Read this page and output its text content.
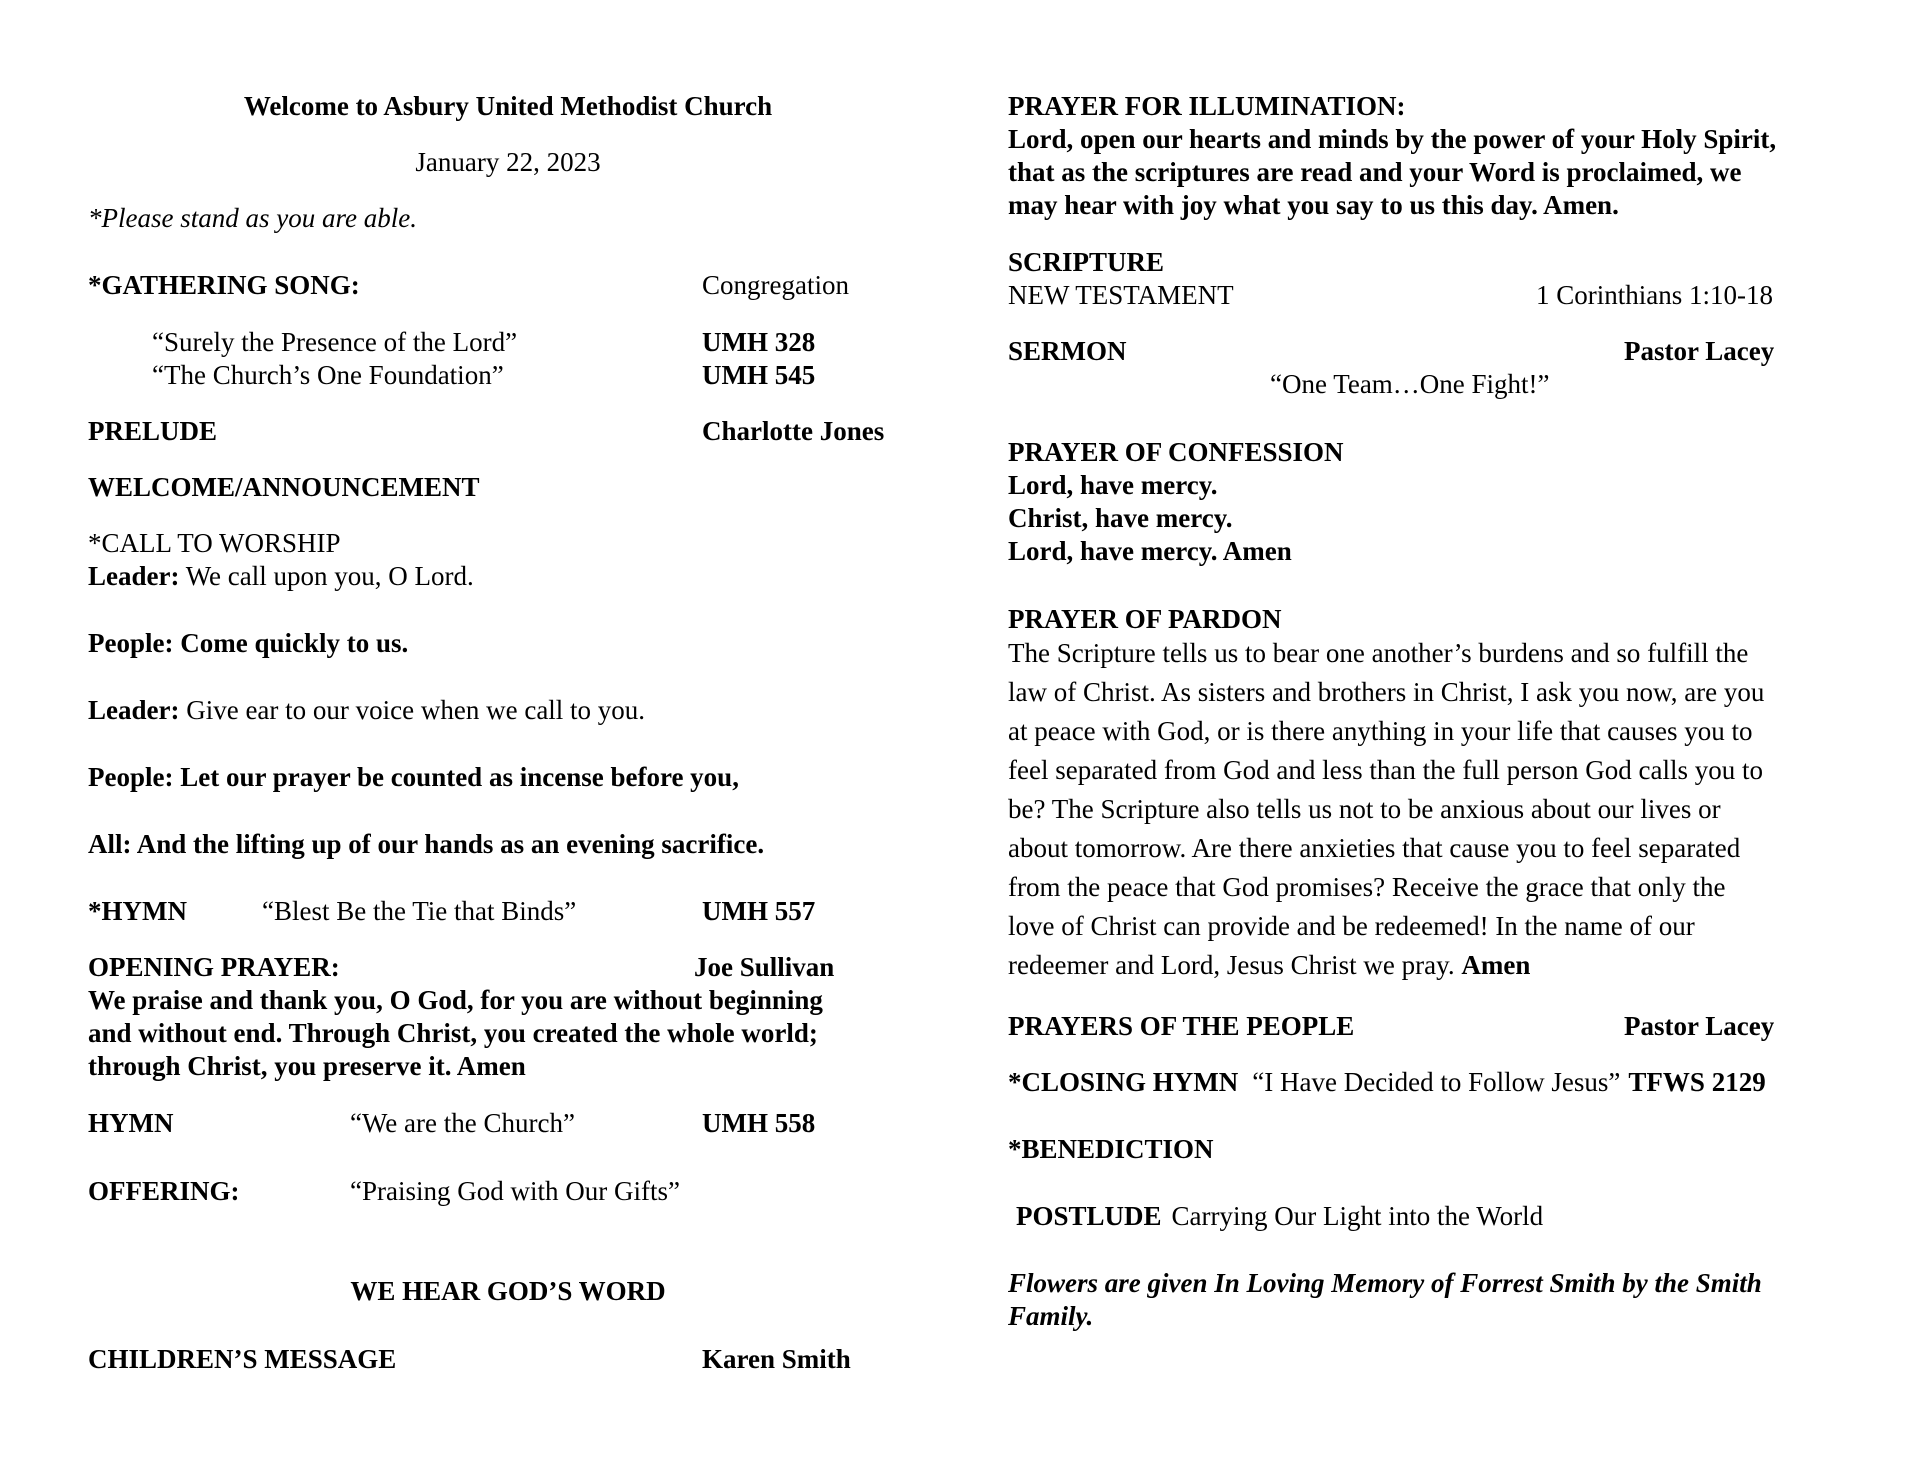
Welcome to Asbury United Methodist Church
January 22, 2023
*Please stand as you are able.
*GATHERING SONG:	Congregation
“Surely the Presence of the Lord”	UMH 328
“The Church’s One Foundation”	UMH 545
PRELUDE	Charlotte Jones
WELCOME/ANNOUNCEMENT
*CALL TO WORSHIP
Leader: We call upon you, O Lord.
People: Come quickly to us.
Leader: Give ear to our voice when we call to you.
People: Let our prayer be counted as incense before you,
All: And the lifting up of our hands as an evening sacrifice.
*HYMN	“Blest Be the Tie that Binds”	UMH 557
OPENING PRAYER:	Joe Sullivan
We praise and thank you, O God, for you are without beginning
and without end. Through Christ, you created the whole world;
through Christ, you preserve it. Amen
HYMN	“We are the Church”	UMH 558
OFFERING:	“Praising God with Our Gifts”
WE HEAR GOD’S WORD
CHILDREN’S MESSAGE	Karen Smith
PRAYER FOR ILLUMINATION:
Lord, open our hearts and minds by the power of your Holy Spirit,
that as the scriptures are read and your Word is proclaimed, we
may hear with joy what you say to us this day. Amen.
SCRIPTURE
NEW TESTAMENT	1 Corinthians 1:10-18
SERMON	Pastor Lacey
“One Team…One Fight!”
PRAYER OF CONFESSION
Lord, have mercy.
Christ, have mercy.
Lord, have mercy. Amen
PRAYER OF PARDON
The Scripture tells us to bear one another’s burdens and so fulfill the
law of Christ. As sisters and brothers in Christ, I ask you now, are you
at peace with God, or is there anything in your life that causes you to
feel separated from God and less than the full person God calls you to
be? The Scripture also tells us not to be anxious about our lives or
about tomorrow. Are there anxieties that cause you to feel separated
from the peace that God promises? Receive the grace that only the
love of Christ can provide and be redeemed! In the name of our
redeemer and Lord, Jesus Christ we pray. Amen
PRAYERS OF THE PEOPLE	Pastor Lacey
*CLOSING HYMN “I Have Decided to Follow Jesus” TFWS 2129
*BENEDICTION
POSTLUDE Carrying Our Light into the World
Flowers are given In Loving Memory of Forrest Smith by the Smith
Family.
